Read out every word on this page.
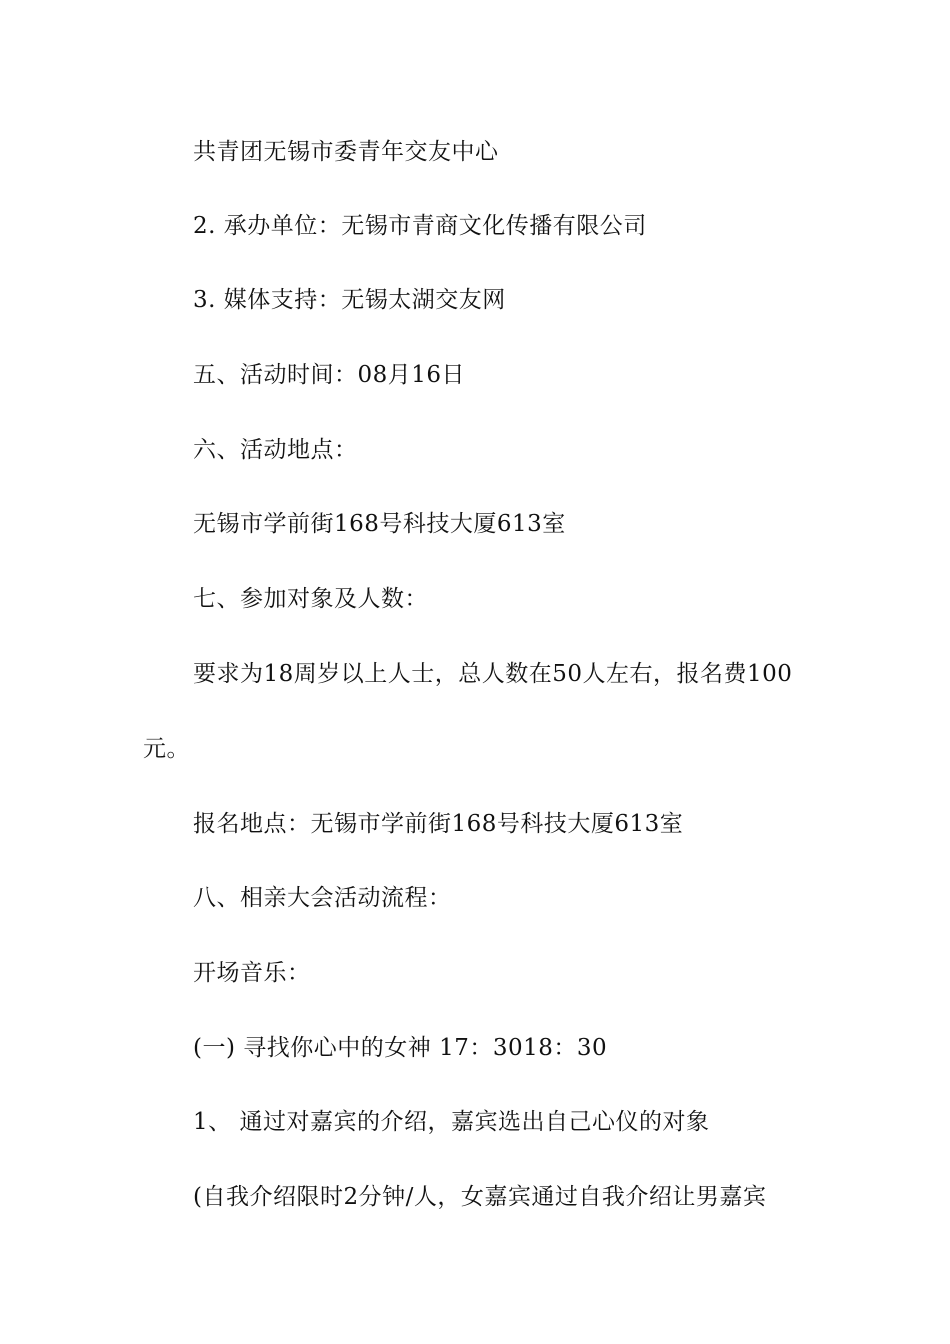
共青团无锡市委青年交友中心
2. 承办单位：无锡市青商文化传播有限公司
3. 媒体支持：无锡太湖交友网
五、活动时间：08月16日
六、活动地点：
无锡市学前街168号科技大厦613室
七、参加对象及人数：
要求为18周岁以上人士，总人数在50人左右，报名费100
元。
报名地点：无锡市学前街168号科技大厦613室
八、相亲大会活动流程：
开场音乐：
(一) 寻找你心中的女神 17：3018：30
1、 通过对嘉宾的介绍，嘉宾选出自己心仪的对象
(自我介绍限时2分钟/人，女嘉宾通过自我介绍让男嘉宾
